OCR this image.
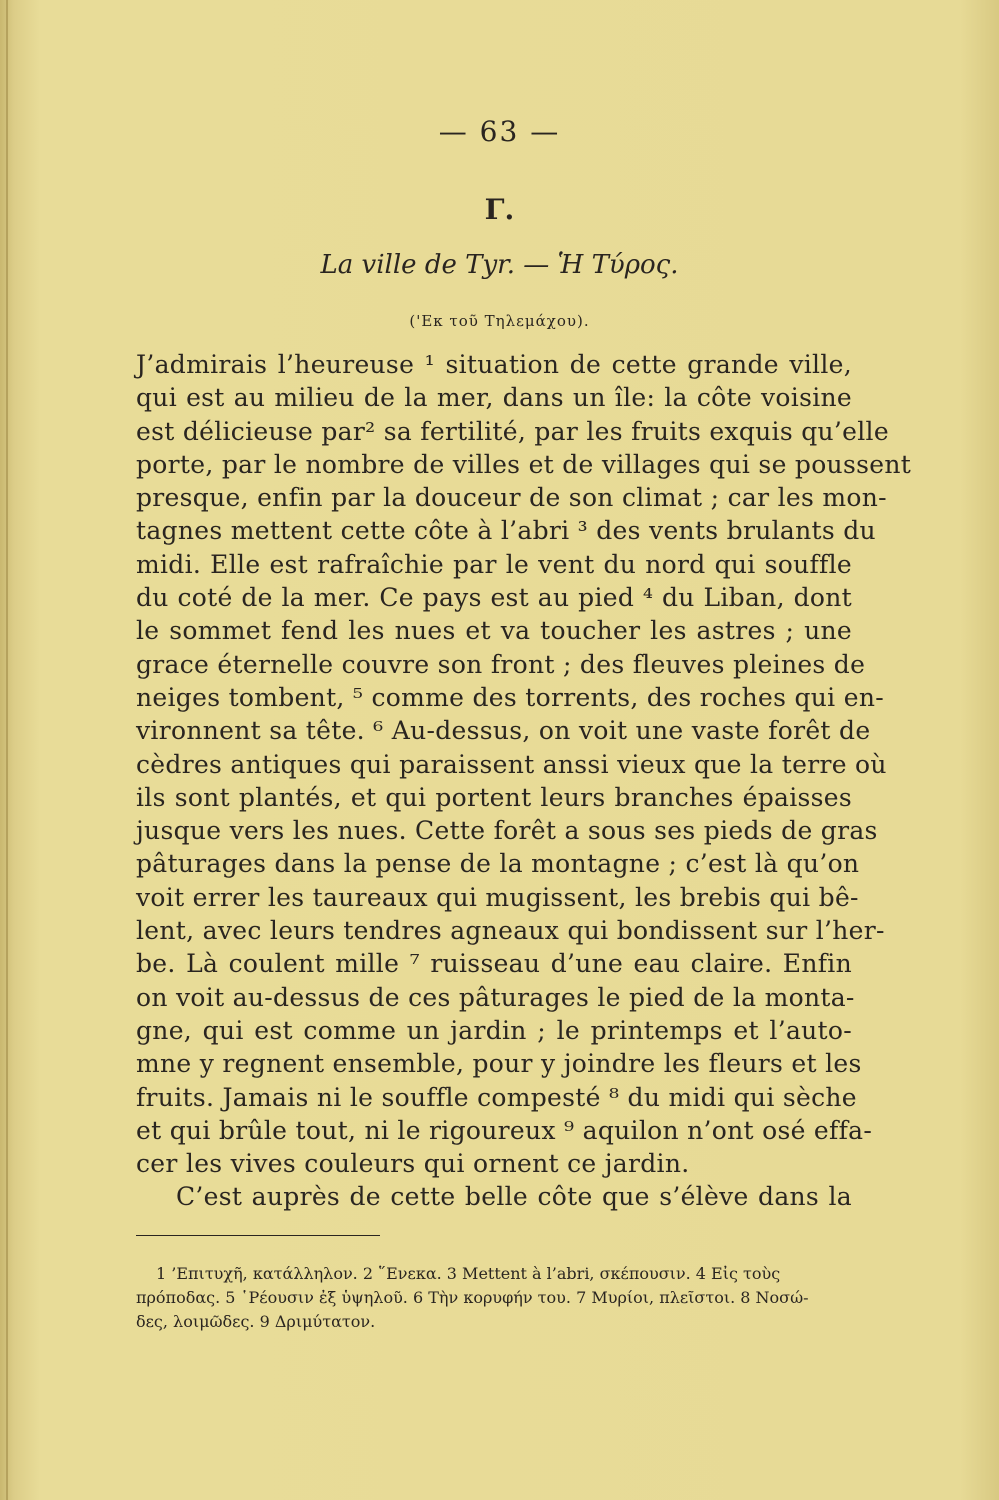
— 63 —
Γ.
La ville de Tyr. — Ἡ Τύρος.
('Εκ τοῦ Τηλεμάχου).
J’admirais l’heureuse ¹ situation de cette grande ville,
qui est au milieu de la mer, dans un île: la côte voisine
est délicieuse par² sa fertilité, par les fruits exquis qu’elle
porte, par le nombre de villes et de villages qui se poussent
presque, enfin par la douceur de son climat ; car les mon-
tagnes mettent cette côte à l’abri ³ des vents brulants du
midi. Elle est rafraîchie par le vent du nord qui souffle
du coté de la mer. Ce pays est au pied ⁴ du Liban, dont
le sommet fend les nues et va toucher les astres ; une
grace éternelle couvre son front ; des fleuves pleines de
neiges tombent, ⁵ comme des torrents, des roches qui en-
vironnent sa tête. ⁶ Au-dessus, on voit une vaste forêt de
cèdres antiques qui paraissent anssi vieux que la terre où
ils sont plantés, et qui portent leurs branches épaisses
jusque vers les nues. Cette forêt a sous ses pieds de gras
pâturages dans la pense de la montagne ; c’est là qu’on
voit errer les taureaux qui mugissent, les brebis qui bê-
lent, avec leurs tendres agneaux qui bondissent sur l’her-
be. Là coulent mille ⁷ ruisseau d’une eau claire. Enfin
on voit au-dessus de ces pâturages le pied de la monta-
gne, qui est comme un jardin ; le printemps et l’auto-
mne y regnent ensemble, pour y joindre les fleurs et les
fruits. Jamais ni le souffle compesté ⁸ du midi qui sèche
et qui brûle tout, ni le rigoureux ⁹ aquilon n’ont osé effa-
cer les vives couleurs qui ornent ce jardin.
C’est auprès de cette belle côte que s’élève dans la
1 ’Επιτυχῆ, κατάλληλον. 2 ῞Ενεκα. 3 Mettent à l’abri, σκέπουσιν. 4 Εἰς τοὺς
πρόποδας. 5 ῾Ρέουσιν ἐξ ὑψηλοῦ. 6 Τὴν κορυφήν του. 7 Μυρίοι, πλεῖστοι. 8 Νοσώ-
δες, λοιμῶδες. 9 Δριμύτατον.
